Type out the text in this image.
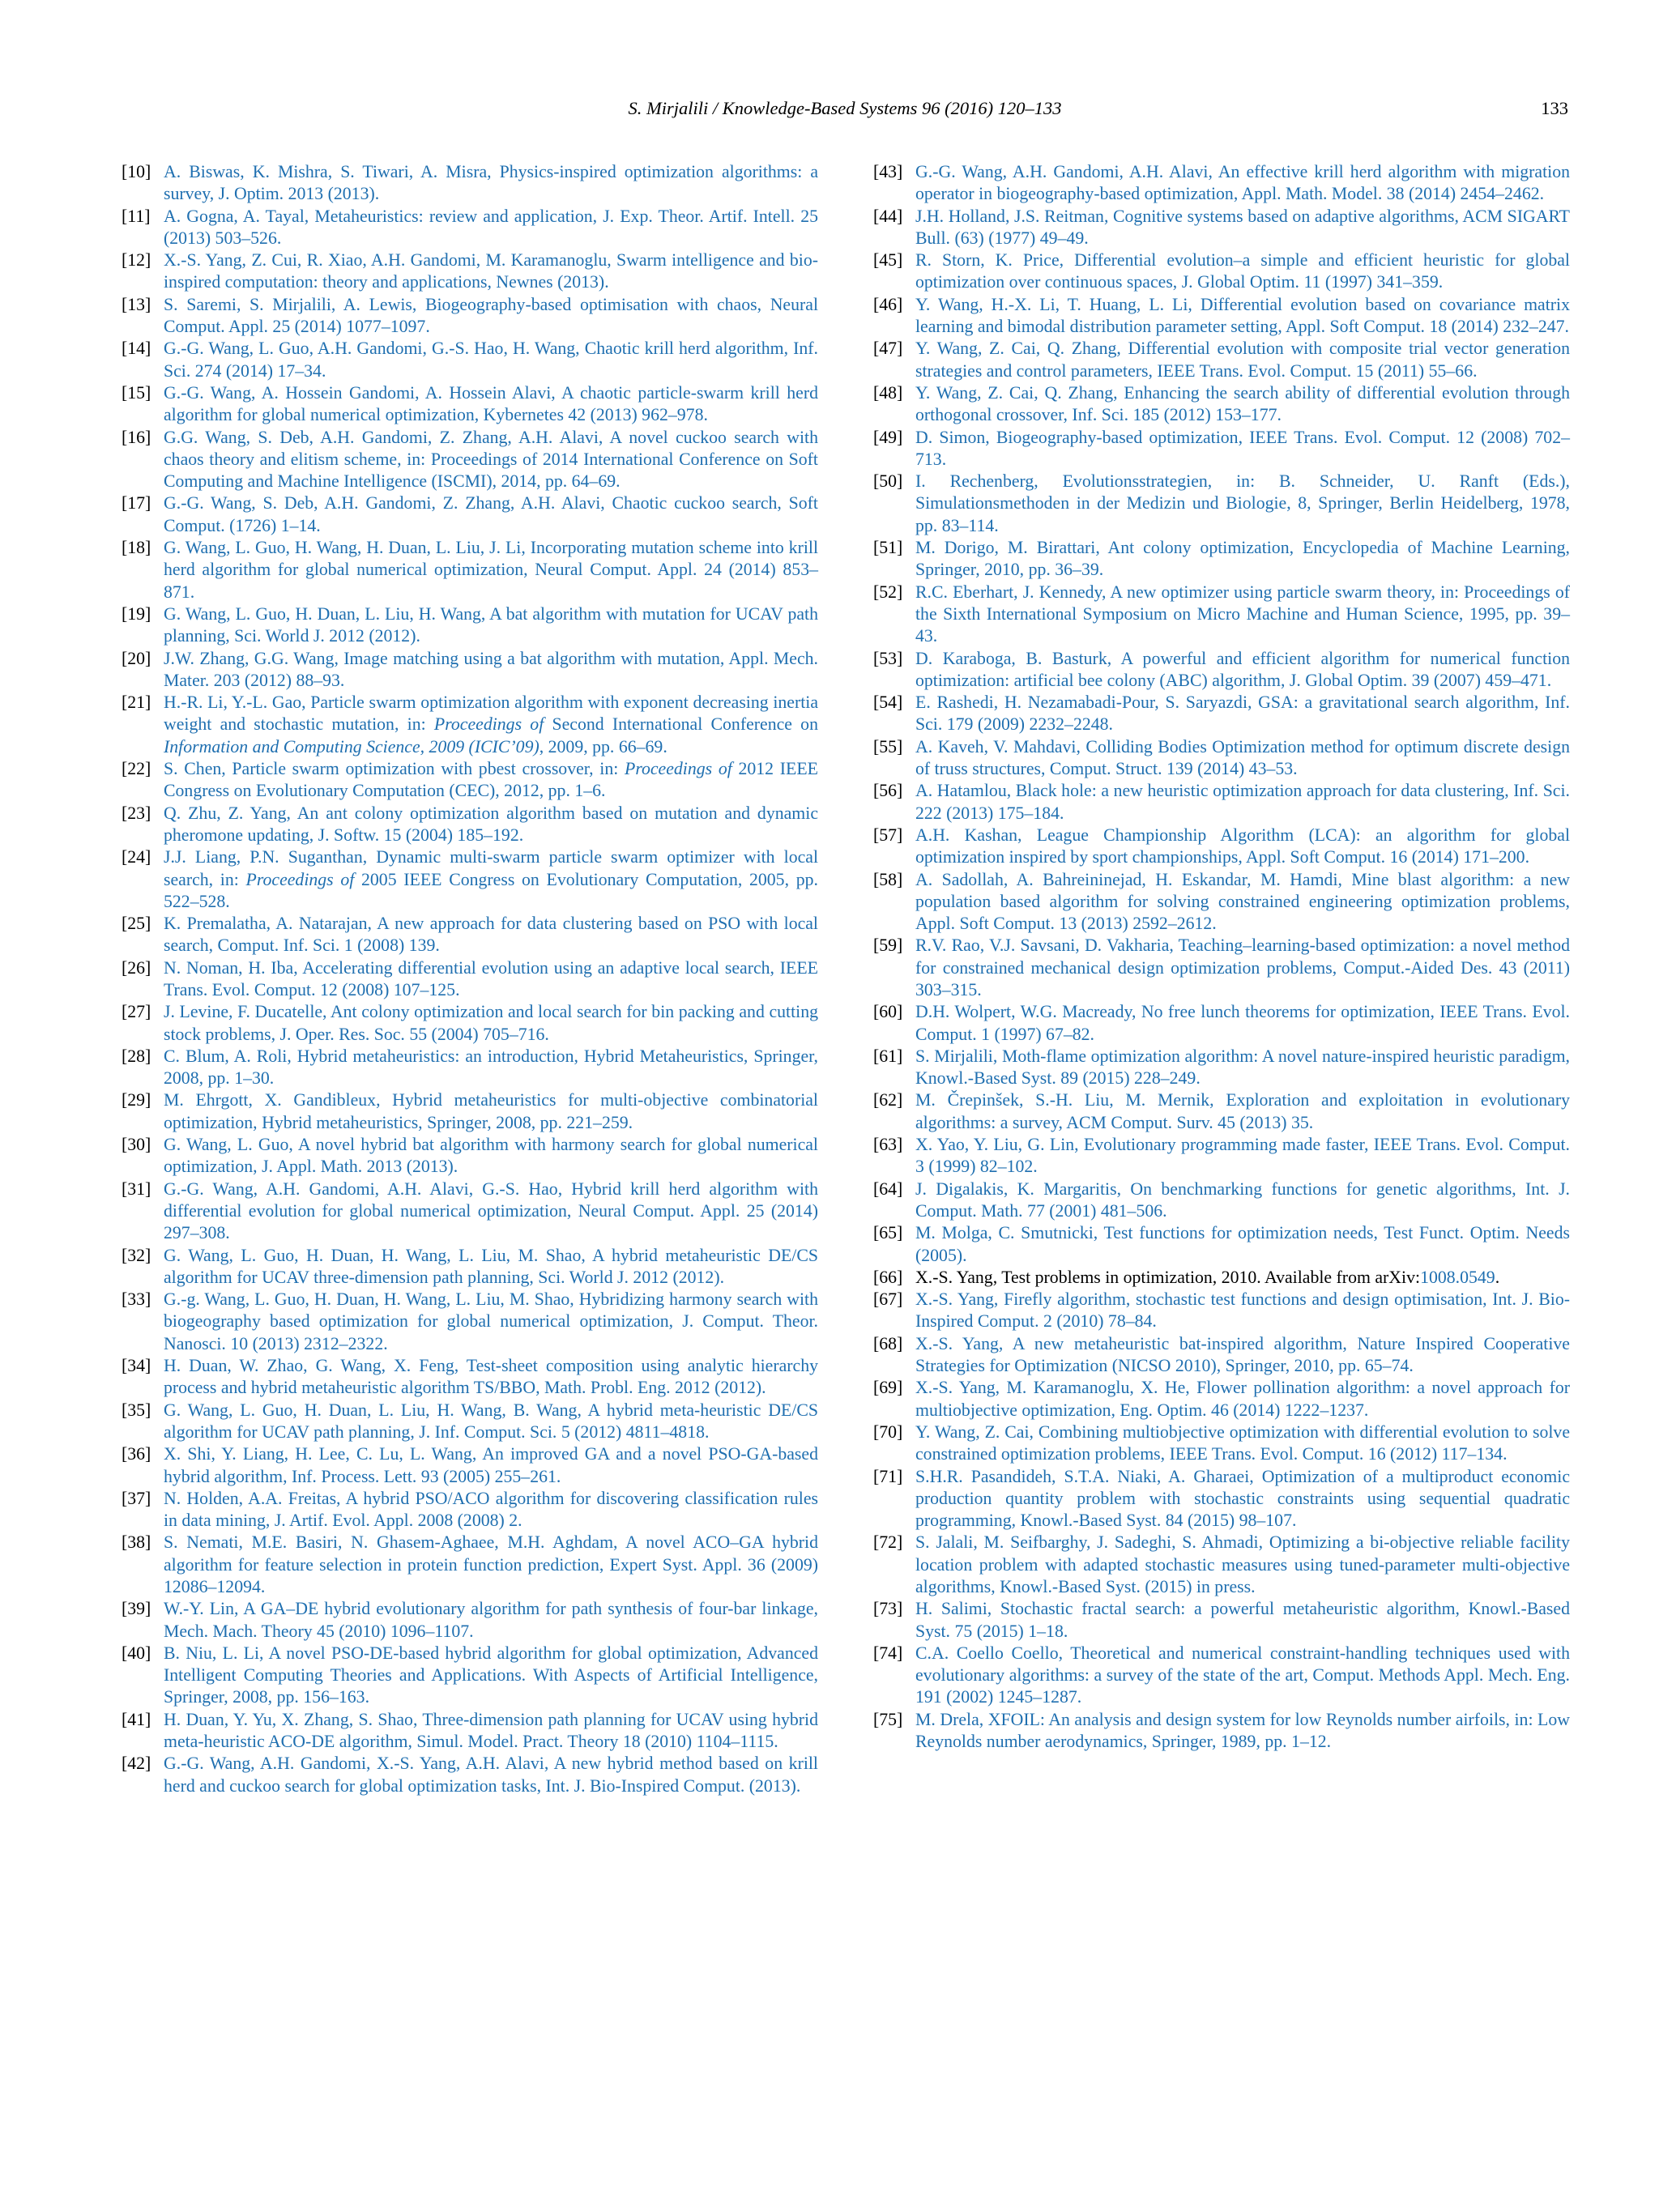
S. Mirjalili / Knowledge-Based Systems 96 (2016) 120–133	133

[10] A. Biswas, K. Mishra, S. Tiwari, A. Misra, Physics-inspired optimization algorithms: a survey, J. Optim. 2013 (2013).

[11] A. Gogna, A. Tayal, Metaheuristics: review and application, J. Exp. Theor. Artif. Intell. 25 (2013) 503–526.

[12] X.-S. Yang, Z. Cui, R. Xiao, A.H. Gandomi, M. Karamanoglu, Swarm intelligence and bio-inspired computation: theory and applications, Newnes (2013).

[13] S. Saremi, S. Mirjalili, A. Lewis, Biogeography-based optimisation with chaos, Neural Comput. Appl. 25 (2014) 1077–1097.

[14] G.-G. Wang, L. Guo, A.H. Gandomi, G.-S. Hao, H. Wang, Chaotic krill herd algorithm, Inf. Sci. 274 (2014) 17–34.

[15] G.-G. Wang, A. Hossein Gandomi, A. Hossein Alavi, A chaotic particle-swarm krill herd algorithm for global numerical optimization, Kybernetes 42 (2013) 962–978.

[16] G.G. Wang, S. Deb, A.H. Gandomi, Z. Zhang, A.H. Alavi, A novel cuckoo search with chaos theory and elitism scheme, in: Proceedings of 2014 International Conference on Soft Computing and Machine Intelligence (ISCMI), 2014, pp. 64–69.

[17] G.-G. Wang, S. Deb, A.H. Gandomi, Z. Zhang, A.H. Alavi, Chaotic cuckoo search, Soft Comput. (1726) 1–14.

[18] G. Wang, L. Guo, H. Wang, H. Duan, L. Liu, J. Li, Incorporating mutation scheme into krill herd algorithm for global numerical optimization, Neural Comput. Appl. 24 (2014) 853–871.

[19] G. Wang, L. Guo, H. Duan, L. Liu, H. Wang, A bat algorithm with mutation for UCAV path planning, Sci. World J. 2012 (2012).

[20] J.W. Zhang, G.G. Wang, Image matching using a bat algorithm with mutation, Appl. Mech. Mater. 203 (2012) 88–93.

[21] H.-R. Li, Y.-L. Gao, Particle swarm optimization algorithm with exponent decreasing inertia weight and stochastic mutation, in: Proceedings of Second International Conference on Information and Computing Science, 2009 (ICIC’09), 2009, pp. 66–69.

[22] S. Chen, Particle swarm optimization with pbest crossover, in: Proceedings of 2012 IEEE Congress on Evolutionary Computation (CEC), 2012, pp. 1–6.

[23] Q. Zhu, Z. Yang, An ant colony optimization algorithm based on mutation and dynamic pheromone updating, J. Softw. 15 (2004) 185–192.

[24] J.J. Liang, P.N. Suganthan, Dynamic multi-swarm particle swarm optimizer with local search, in: Proceedings of 2005 IEEE Congress on Evolutionary Computation, 2005, pp. 522–528.

[25] K. Premalatha, A. Natarajan, A new approach for data clustering based on PSO with local search, Comput. Inf. Sci. 1 (2008) 139.

[26] N. Noman, H. Iba, Accelerating differential evolution using an adaptive local search, IEEE Trans. Evol. Comput. 12 (2008) 107–125.

[27] J. Levine, F. Ducatelle, Ant colony optimization and local search for bin packing and cutting stock problems, J. Oper. Res. Soc. 55 (2004) 705–716.

[28] C. Blum, A. Roli, Hybrid metaheuristics: an introduction, Hybrid Metaheuristics, Springer, 2008, pp. 1–30.

[29] M. Ehrgott, X. Gandibleux, Hybrid metaheuristics for multi-objective combinatorial optimization, Hybrid metaheuristics, Springer, 2008, pp. 221–259.

[30] G. Wang, L. Guo, A novel hybrid bat algorithm with harmony search for global numerical optimization, J. Appl. Math. 2013 (2013).

[31] G.-G. Wang, A.H. Gandomi, A.H. Alavi, G.-S. Hao, Hybrid krill herd algorithm with differential evolution for global numerical optimization, Neural Comput. Appl. 25 (2014) 297–308.

[32] G. Wang, L. Guo, H. Duan, H. Wang, L. Liu, M. Shao, A hybrid metaheuristic DE/CS algorithm for UCAV three-dimension path planning, Sci. World J. 2012 (2012).

[33] G.-g. Wang, L. Guo, H. Duan, H. Wang, L. Liu, M. Shao, Hybridizing harmony search with biogeography based optimization for global numerical optimization, J. Comput. Theor. Nanosci. 10 (2013) 2312–2322.

[34] H. Duan, W. Zhao, G. Wang, X. Feng, Test-sheet composition using analytic hierarchy process and hybrid metaheuristic algorithm TS/BBO, Math. Probl. Eng. 2012 (2012).

[35] G. Wang, L. Guo, H. Duan, L. Liu, H. Wang, B. Wang, A hybrid meta-heuristic DE/CS algorithm for UCAV path planning, J. Inf. Comput. Sci. 5 (2012) 4811–4818.

[36] X. Shi, Y. Liang, H. Lee, C. Lu, L. Wang, An improved GA and a novel PSO-GA-based hybrid algorithm, Inf. Process. Lett. 93 (2005) 255–261.

[37] N. Holden, A.A. Freitas, A hybrid PSO/ACO algorithm for discovering classification rules in data mining, J. Artif. Evol. Appl. 2008 (2008) 2.

[38] S. Nemati, M.E. Basiri, N. Ghasem-Aghaee, M.H. Aghdam, A novel ACO–GA hybrid algorithm for feature selection in protein function prediction, Expert Syst. Appl. 36 (2009) 12086–12094.

[39] W.-Y. Lin, A GA–DE hybrid evolutionary algorithm for path synthesis of four-bar linkage, Mech. Mach. Theory 45 (2010) 1096–1107.

[40] B. Niu, L. Li, A novel PSO-DE-based hybrid algorithm for global optimization, Advanced Intelligent Computing Theories and Applications. With Aspects of Artificial Intelligence, Springer, 2008, pp. 156–163.

[41] H. Duan, Y. Yu, X. Zhang, S. Shao, Three-dimension path planning for UCAV using hybrid meta-heuristic ACO-DE algorithm, Simul. Model. Pract. Theory 18 (2010) 1104–1115.

[42] G.-G. Wang, A.H. Gandomi, X.-S. Yang, A.H. Alavi, A new hybrid method based on krill herd and cuckoo search for global optimization tasks, Int. J. Bio-Inspired Comput. (2013).

[43] G.-G. Wang, A.H. Gandomi, A.H. Alavi, An effective krill herd algorithm with migration operator in biogeography-based optimization, Appl. Math. Model. 38 (2014) 2454–2462.

[44] J.H. Holland, J.S. Reitman, Cognitive systems based on adaptive algorithms, ACM SIGART Bull. (63) (1977) 49–49.

[45] R. Storn, K. Price, Differential evolution–a simple and efficient heuristic for global optimization over continuous spaces, J. Global Optim. 11 (1997) 341–359.

[46] Y. Wang, H.-X. Li, T. Huang, L. Li, Differential evolution based on covariance matrix learning and bimodal distribution parameter setting, Appl. Soft Comput. 18 (2014) 232–247.

[47] Y. Wang, Z. Cai, Q. Zhang, Differential evolution with composite trial vector generation strategies and control parameters, IEEE Trans. Evol. Comput. 15 (2011) 55–66.

[48] Y. Wang, Z. Cai, Q. Zhang, Enhancing the search ability of differential evolution through orthogonal crossover, Inf. Sci. 185 (2012) 153–177.

[49] D. Simon, Biogeography-based optimization, IEEE Trans. Evol. Comput. 12 (2008) 702–713.

[50] I. Rechenberg, Evolutionsstrategien, in: B. Schneider, U. Ranft (Eds.), Simulationsmethoden in der Medizin und Biologie, 8, Springer, Berlin Heidelberg, 1978, pp. 83–114.

[51] M. Dorigo, M. Birattari, Ant colony optimization, Encyclopedia of Machine Learning, Springer, 2010, pp. 36–39.

[52] R.C. Eberhart, J. Kennedy, A new optimizer using particle swarm theory, in: Proceedings of the Sixth International Symposium on Micro Machine and Human Science, 1995, pp. 39–43.

[53] D. Karaboga, B. Basturk, A powerful and efficient algorithm for numerical function optimization: artificial bee colony (ABC) algorithm, J. Global Optim. 39 (2007) 459–471.

[54] E. Rashedi, H. Nezamabadi-Pour, S. Saryazdi, GSA: a gravitational search algorithm, Inf. Sci. 179 (2009) 2232–2248.

[55] A. Kaveh, V. Mahdavi, Colliding Bodies Optimization method for optimum discrete design of truss structures, Comput. Struct. 139 (2014) 43–53.

[56] A. Hatamlou, Black hole: a new heuristic optimization approach for data clustering, Inf. Sci. 222 (2013) 175–184.

[57] A.H. Kashan, League Championship Algorithm (LCA): an algorithm for global optimization inspired by sport championships, Appl. Soft Comput. 16 (2014) 171–200.

[58] A. Sadollah, A. Bahreininejad, H. Eskandar, M. Hamdi, Mine blast algorithm: a new population based algorithm for solving constrained engineering optimization problems, Appl. Soft Comput. 13 (2013) 2592–2612.

[59] R.V. Rao, V.J. Savsani, D. Vakharia, Teaching–learning-based optimization: a novel method for constrained mechanical design optimization problems, Comput.-Aided Des. 43 (2011) 303–315.

[60] D.H. Wolpert, W.G. Macready, No free lunch theorems for optimization, IEEE Trans. Evol. Comput. 1 (1997) 67–82.

[61] S. Mirjalili, Moth-flame optimization algorithm: A novel nature-inspired heuristic paradigm, Knowl.-Based Syst. 89 (2015) 228–249.

[62] M. Črepinšek, S.-H. Liu, M. Mernik, Exploration and exploitation in evolutionary algorithms: a survey, ACM Comput. Surv. 45 (2013) 35.

[63] X. Yao, Y. Liu, G. Lin, Evolutionary programming made faster, IEEE Trans. Evol. Comput. 3 (1999) 82–102.

[64] J. Digalakis, K. Margaritis, On benchmarking functions for genetic algorithms, Int. J. Comput. Math. 77 (2001) 481–506.

[65] M. Molga, C. Smutnicki, Test functions for optimization needs, Test Funct. Optim. Needs (2005).

[66] X.-S. Yang, Test problems in optimization, 2010. Available from arXiv:1008.0549.

[67] X.-S. Yang, Firefly algorithm, stochastic test functions and design optimisation, Int. J. Bio-Inspired Comput. 2 (2010) 78–84.

[68] X.-S. Yang, A new metaheuristic bat-inspired algorithm, Nature Inspired Cooperative Strategies for Optimization (NICSO 2010), Springer, 2010, pp. 65–74.

[69] X.-S. Yang, M. Karamanoglu, X. He, Flower pollination algorithm: a novel approach for multiobjective optimization, Eng. Optim. 46 (2014) 1222–1237.

[70] Y. Wang, Z. Cai, Combining multiobjective optimization with differential evolution to solve constrained optimization problems, IEEE Trans. Evol. Comput. 16 (2012) 117–134.

[71] S.H.R. Pasandideh, S.T.A. Niaki, A. Gharaei, Optimization of a multiproduct economic production quantity problem with stochastic constraints using sequential quadratic programming, Knowl.-Based Syst. 84 (2015) 98–107.

[72] S. Jalali, M. Seifbarghy, J. Sadeghi, S. Ahmadi, Optimizing a bi-objective reliable facility location problem with adapted stochastic measures using tuned-parameter multi-objective algorithms, Knowl.-Based Syst. (2015) in press.

[73] H. Salimi, Stochastic fractal search: a powerful metaheuristic algorithm, Knowl.-Based Syst. 75 (2015) 1–18.

[74] C.A. Coello Coello, Theoretical and numerical constraint-handling techniques used with evolutionary algorithms: a survey of the state of the art, Comput. Methods Appl. Mech. Eng. 191 (2002) 1245–1287.

[75] M. Drela, XFOIL: An analysis and design system for low Reynolds number airfoils, in: Low Reynolds number aerodynamics, Springer, 1989, pp. 1–12.
